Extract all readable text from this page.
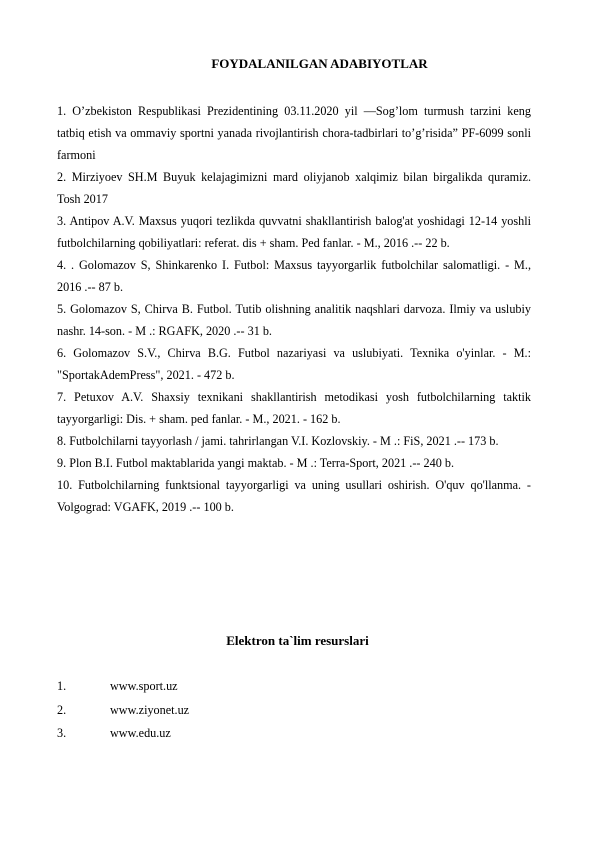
FOYDALANILGAN ADABIYOTLAR

1. O’zbekiston Respublikasi Prezidentining 03.11.2020 yil ―Sog’lom turmush tarzini keng tatbiq etish va ommaviy sportni yanada rivojlantirish chora-tadbirlari to’g’risida” PF-6099 sonli farmoni

2. Mirziyoev SH.M Buyuk kelajagimizni mard oliyjanob xalqimiz bilan birgalikda quramiz. Tosh 2017

3. Antipov A.V. Maxsus yuqori tezlikda quvvatni shakllantirish balog'at yoshidagi 12-14 yoshli futbolchilarning qobiliyatlari: referat. dis + sham. Ped fanlar. - M., 2016 .-- 22 b.

4. . Golomazov S, Shinkarenko I. Futbol: Maxsus tayyorgarlik futbolchilar salomatligi. - M., 2016 .-- 87 b.

5. Golomazov S, Chirva B. Futbol. Tutib olishning analitik naqshlari darvoza. Ilmiy va uslubiy nashr. 14-son. - M .: RGAFK, 2020 .-- 31 b.

6. Golomazov S.V., Chirva B.G. Futbol nazariyasi va uslubiyati. Texnika o'yinlar. - M.: "SportakAdemPress", 2021. - 472 b.

7. Petuxov A.V. Shaxsiy texnikani shakllantirish metodikasi yosh futbolchilarning taktik tayyorgarligi: Dis. + sham. ped fanlar. - M., 2021. - 162 b.

8. Futbolchilarni tayyorlash / jami. tahrirlangan V.I. Kozlovskiy. - M .: FiS, 2021 .-- 173 b.

9. Plon B.I. Futbol maktablarida yangi maktab. - M .: Terra-Sport, 2021 .-- 240 b.

10. Futbolchilarning funktsional tayyorgarligi va uning usullari oshirish. O'quv qo'llanma. - Volgograd: VGAFK, 2019 .-- 100 b.

Elektron ta`lim resurslari
1.	www.sport.uz
2.	www.ziyonet.uz
3.	www.edu.uz
